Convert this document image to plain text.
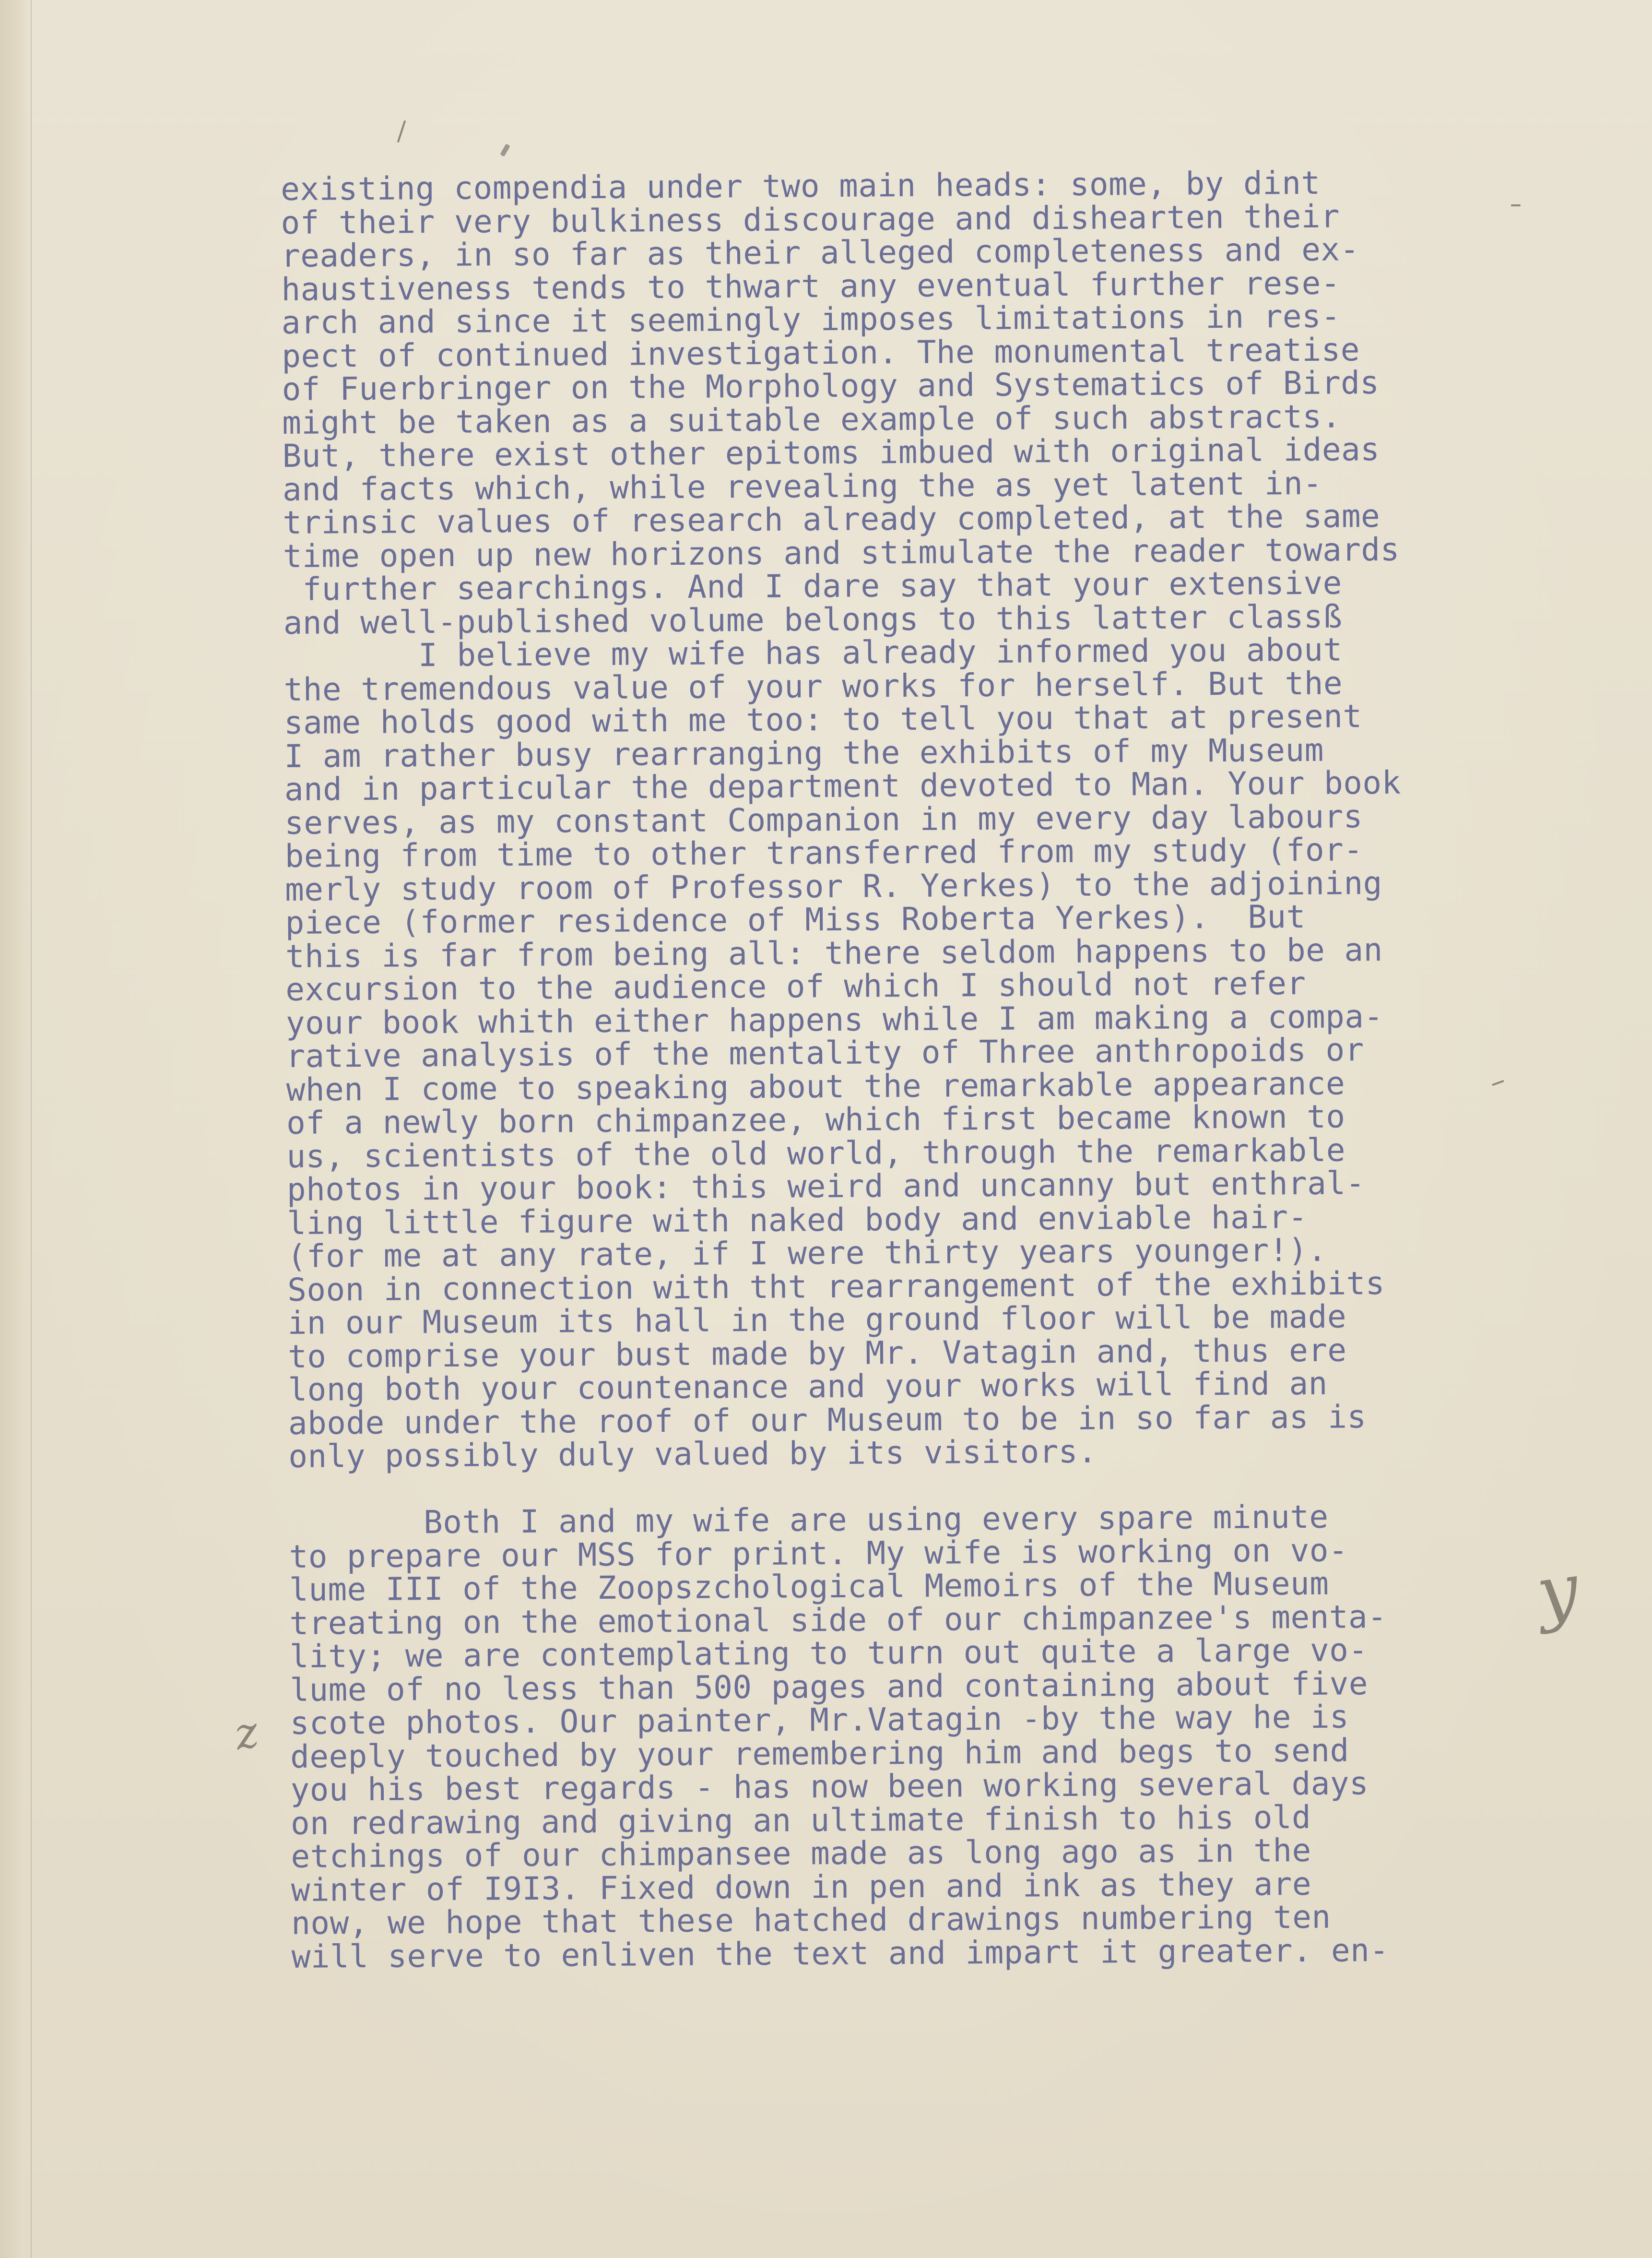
existing compendia under two main heads: some, by dint
of their very bulkiness discourage and dishearten their
readers, in so far as their alleged completeness and ex-
haustiveness tends to thwart any eventual further rese-
arch and since it seemingly imposes limitations in res-
pect of continued investigation. The monumental treatise
of Fuerbringer on the Morphology and Systematics of Birds
might be taken as a suitable example of such abstracts.
But, there exist other epitoms imbued with original ideas
and facts which, while revealing the as yet latent in-
trinsic values of research already completed, at the same
time open up new horizons and stimulate the reader towards
further searchings. And I dare say that your extensive
and well-published volume belongs to this latter classß
I believe my wife has already informed you about
the tremendous value of your works for herself. But the
same holds good with me too: to tell you that at present
I am rather busy rearranging the exhibits of my Museum
and in particular the department devoted to Man. Your book
serves, as my constant Companion in my every day labours
being from time to other transferred from my study (for-
merly study room of Professor R. Yerkes) to the adjoining
piece (former residence of Miss Roberta Yerkes).  But
this is far from being all: there seldom happens to be an
excursion to the audience of which I should not refer
your book whith either happens while I am making a compa-
rative analysis of the mentality of Three anthropoids or
when I come to speaking about the remarkable appearance
of a newly born chimpanzee, which first became known to
us, scientists of the old world, through the remarkable
photos in your book: this weird and uncanny but enthral-
ling little figure with naked body and enviable hair-
(for me at any rate, if I were thirty years younger!).
Soon in connection with tht rearrangement of the exhibits
in our Museum its hall in the ground floor will be made
to comprise your bust made by Mr. Vatagin and, thus ere
long both your countenance and your works will find an
abode under the roof of our Museum to be in so far as is
only possibly duly valued by its visitors.
Both I and my wife are using every spare minute
to prepare our MSS for print. My wife is working on vo-
lume III of the Zoopszchological Memoirs of the Museum
treating on the emotional side of our chimpanzee's menta-
lity; we are contemplating to turn out quite a large vo-
lume of no less than 500 pages and containing about five
scote photos. Our painter, Mr.Vatagin -by the way he is
deeply touched by your remembering him and begs to send
you his best regards - has now been working several days
on redrawing and giving an ultimate finish to his old
etchings of our chimpansee made as long ago as in the
winter of I9I3. Fixed down in pen and ink as they are
now, we hope that these hatched drawings numbering ten
will serve to enliven the text and impart it greater. en-
y
z
